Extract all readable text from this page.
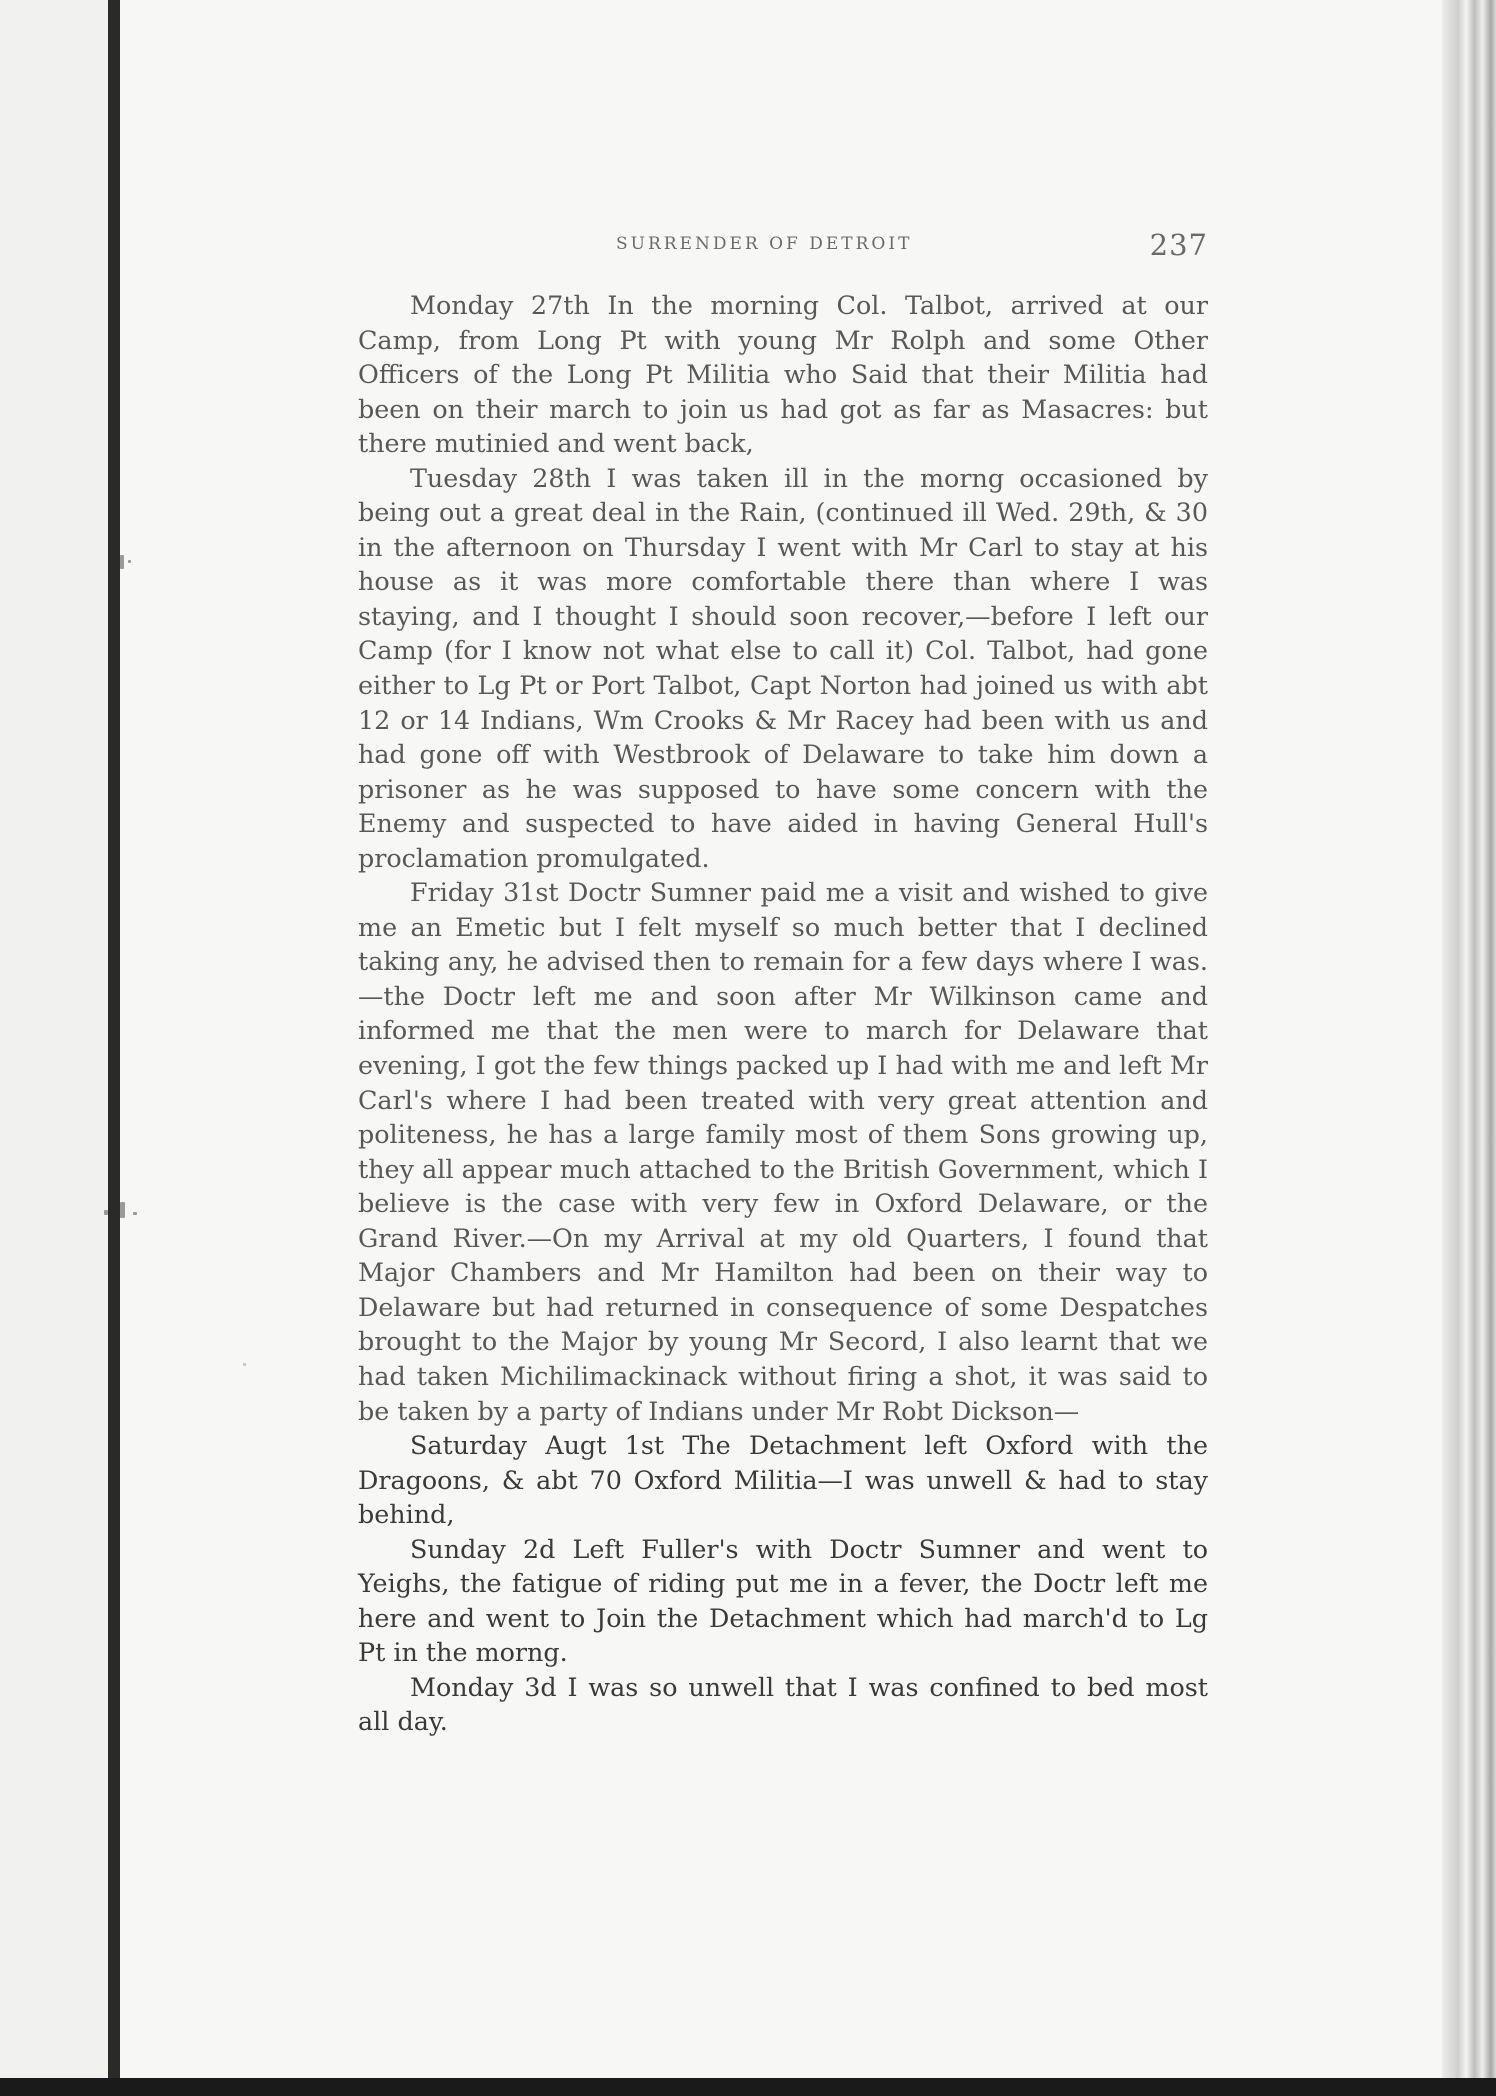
SURRENDER OF DETROIT	237

Monday 27th In the morning Col. Talbot, arrived at our Camp, from Long Pt with young Mr Rolph and some Other Officers of the Long Pt Militia who Said that their Militia had been on their march to join us had got as far as Masacres: but there mutinied and went back,

Tuesday 28th I was taken ill in the morng occasioned by being out a great deal in the Rain, (continued ill Wed. 29th, & 30 in the afternoon on Thursday I went with Mr Carl to stay at his house as it was more comfortable there than where I was staying, and I thought I should soon recover,—before I left our Camp (for I know not what else to call it) Col. Talbot, had gone either to Lg Pt or Port Talbot, Capt Norton had joined us with abt 12 or 14 Indians, Wm Crooks & Mr Racey had been with us and had gone off with Westbrook of Delaware to take him down a prisoner as he was supposed to have some concern with the Enemy and suspected to have aided in having General Hull's proclamation promulgated.

Friday 31st Doctr Sumner paid me a visit and wished to give me an Emetic but I felt myself so much better that I declined taking any, he advised then to remain for a few days where I was.—the Doctr left me and soon after Mr Wilkinson came and informed me that the men were to march for Delaware that evening, I got the few things packed up I had with me and left Mr Carl's where I had been treated with very great attention and politeness, he has a large family most of them Sons growing up, they all appear much attached to the British Government, which I believe is the case with very few in Oxford Delaware, or the Grand River.—On my Arrival at my old Quarters, I found that Major Chambers and Mr Hamilton had been on their way to Delaware but had returned in consequence of some Despatches brought to the Major by young Mr Secord, I also learnt that we had taken Michilimackinack without firing a shot, it was said to be taken by a party of Indians under Mr Robt Dickson—

Saturday Augt 1st The Detachment left Oxford with the Dragoons, & abt 70 Oxford Militia—I was unwell & had to stay behind,

Sunday 2d Left Fuller's with Doctr Sumner and went to Yeighs, the fatigue of riding put me in a fever, the Doctr left me here and went to Join the Detachment which had march'd to Lg Pt in the morng.

Monday 3d I was so unwell that I was confined to bed most all day.
